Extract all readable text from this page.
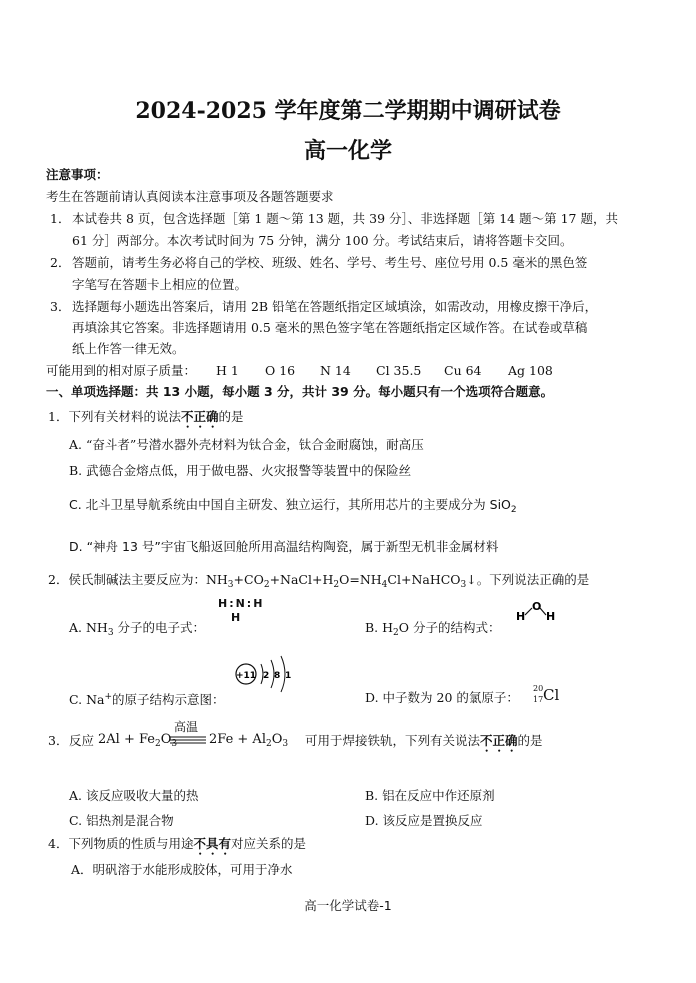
2024-2025 学年度第二学期期中调研试卷
高一化学
注意事项：
考生在答题前请认真阅读本注意事项及各题答题要求
1． 本试卷共 8 页，包含选择题［第 1 题～第 13 题，共 39 分］、非选择题［第 14 题～第 17 题，共
61 分］两部分。本次考试时间为 75 分钟，满分 100 分。考试结束后，请将答题卡交回。
2． 答题前，请考生务必将自己的学校、班级、姓名、学号、考生号、座位号用 0.5 毫米的黑色签
字笔写在答题卡上相应的位置。
3． 选择题每小题选出答案后，请用 2B 铅笔在答题纸指定区域填涂，如需改动，用橡皮擦干净后，
再填涂其它答案。非选择题请用 0.5 毫米的黑色签字笔在答题纸指定区域作答。在试卷或草稿
纸上作答一律无效。
可能用到的相对原子质量： H 1 O 16 N 14 Cl 35.5 Cu 64 Ag 108
一、单项选择题：共 13 小题，每小题 3 分，共计 39 分。每小题只有一个选项符合题意。
1．下列有关材料的说法不正确的是
A. “奋斗者”号潜水器外壳材料为钛合金，钛合金耐腐蚀，耐高压
B. 武德合金熔点低，用于做电器、火灾报警等装置中的保险丝
C. 北斗卫星导航系统由中国自主研发、独立运行，其所用芯片的主要成分为 SiO$_2$
D. “神舟 13 号”宇宙飞船返回舱所用高温结构陶瓷，属于新型无机非金属材料
2．侯氏制碱法主要反应为：$NH_3+CO_2+NaCl+H_2O=NH_4Cl+NaHCO_3↓$。下列说法正确的是
A. $NH_3$ 分子的电子式：
H:N:H
H
B. $H_2O$ 分子的结构式：
H
O
H
C. Na+的原子结构示意图：
+11 2 8 1
D. 中子数为 20 的氯原子：
20
17 Cl
3． 反应 $2Al + Fe_2O_3$
高温
$2Fe + Al_2O_3$ 可用于焊接铁轨，下列有关说法不正确的是
A. 该反应吸收大量的热	B. 铝在反应中作还原剂
C. 铝热剂是混合物	D. 该反应是置换反应
4．下列物质的性质与用途不具有对应关系的是
A．明矾溶于水能形成胶体，可用于净水
高一化学试卷-1
